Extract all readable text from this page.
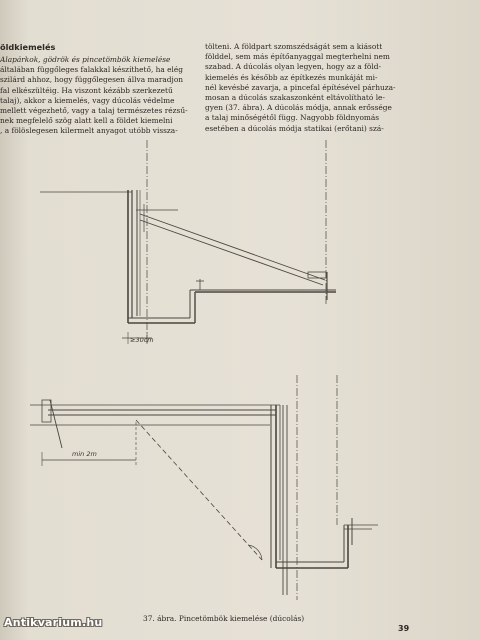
öldkiemelés
Alapárkok, gödrök és pincetömbök kiemelése
általában függőleges falakkal készíthető, ha elég
szilárd ahhoz, hogy függőlegesen állva maradjon
fal elkészültéig. Ha viszont kézább szerkezetű
talaj), akkor a kiemelés, vagy dúcolás védelme
mellett végezhető, vagy a talaj természetes rézsű-
nek megfelelő szög alatt kell a földet kiemelni
, a fölöslegesen kilermelt anyagot utóbb vissza-
tölteni. A földpart szomszédságát sem a kiásott
földdel, sem más építőanyaggal megterhelni nem
szabad. A dúcolás olyan legyen, hogy az a föld-
kiemelés és később az építkezés munkáját mi-
nél kevésbé zavarja, a pincefal építésével párhuza-
mosan a dúcolás szakaszonként eltávolítható le-
gyen (37. ábra). A dúcolás módja, annak erőssége
a talaj minőségétől függ. Nagyobb földnyomás
esetében a dúcolás módja statikai (erőtani) szá-
≥30cm
min 2m
37. ábra. Pincetömbök kiemelése (dúcolás)
39
Antikvarium.hu
